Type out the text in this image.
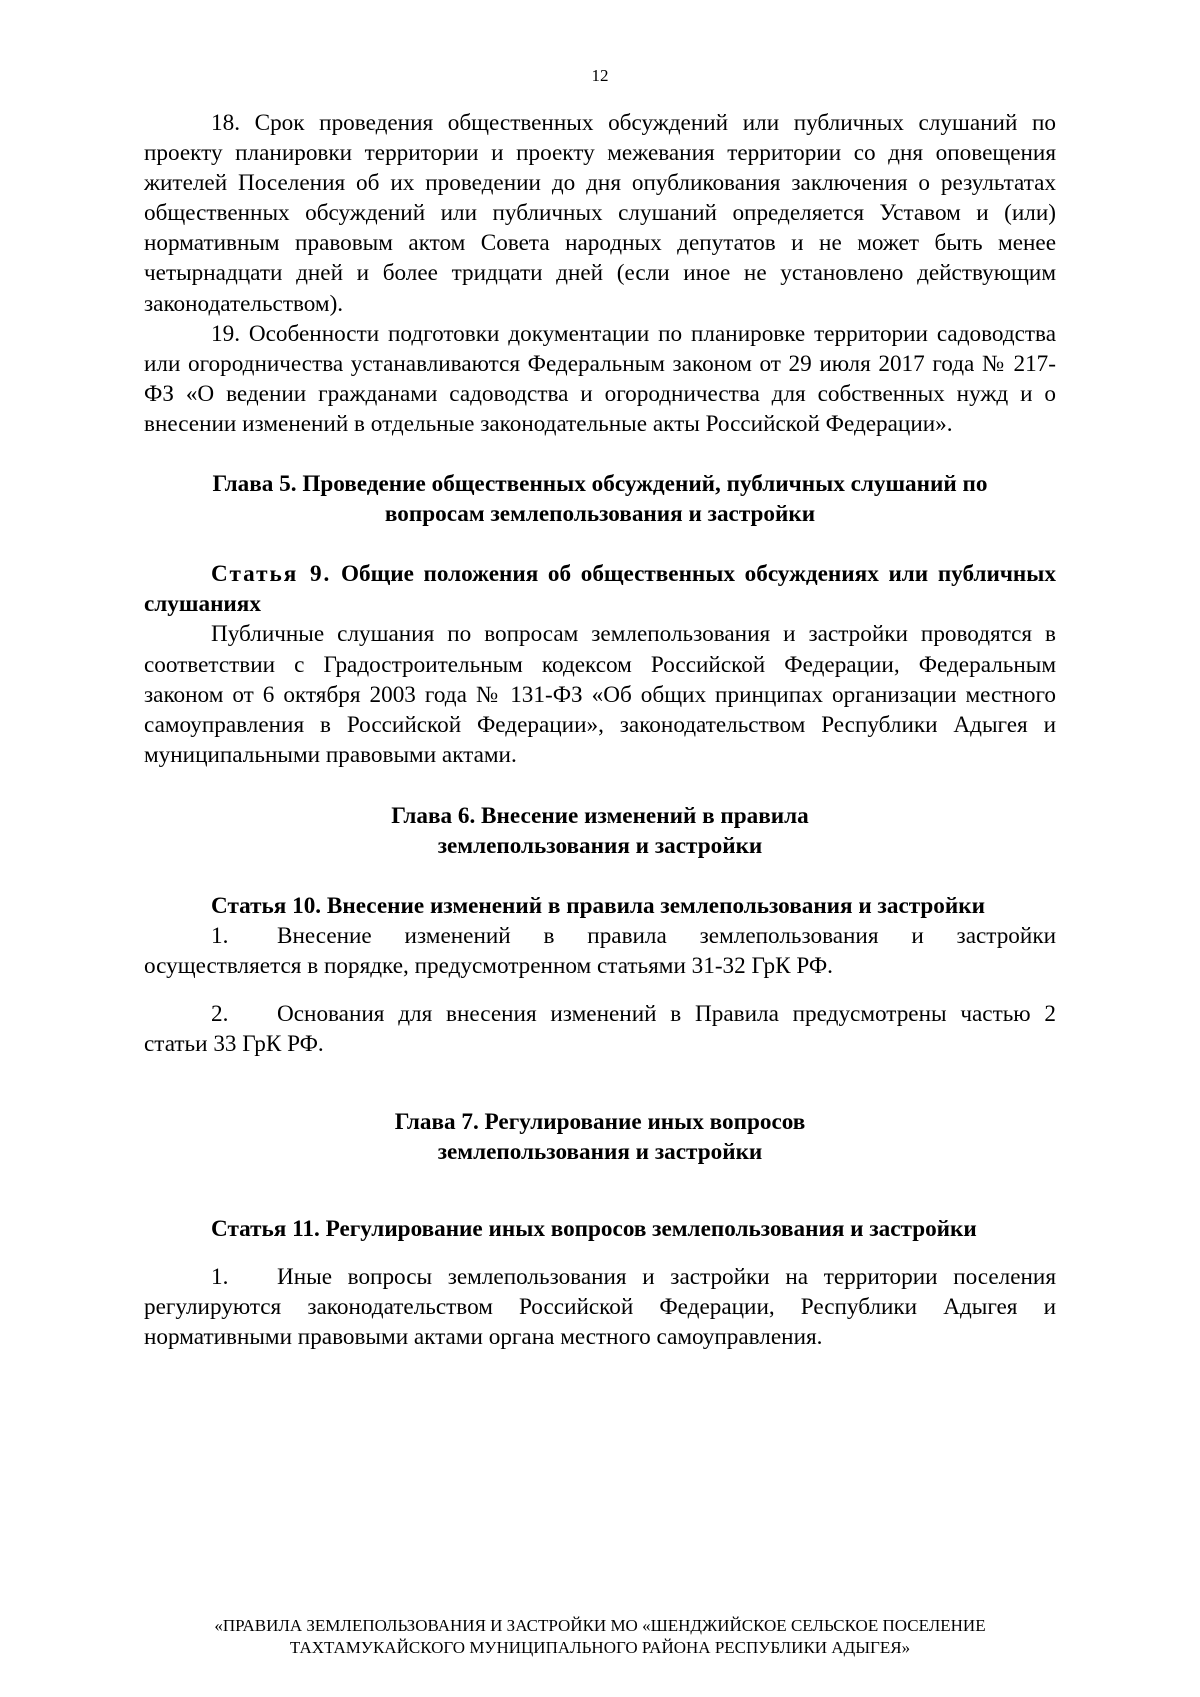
12

18. Срок проведения общественных обсуждений или публичных слушаний по проекту планировки территории и проекту межевания территории со дня оповещения жителей Поселения об их проведении до дня опубликования заключения о результатах общественных обсуждений или публичных слушаний определяется Уставом и (или) нормативным правовым актом Совета народных депутатов и не может быть менее четырнадцати дней и более тридцати дней (если иное не установлено действующим законодательством).

19. Особенности подготовки документации по планировке территории садоводства или огородничества устанавливаются Федеральным законом от 29 июля 2017 года № 217-ФЗ «О ведении гражданами садоводства и огородничества для собственных нужд и о внесении изменений в отдельные законодательные акты Российской Федерации».

Глава 5. Проведение общественных обсуждений, публичных слушаний по
вопросам землепользования и застройки

Статья 9. Общие положения об общественных обсуждениях или публичных слушаниях

Публичные слушания по вопросам землепользования и застройки проводятся в соответствии с Градостроительным кодексом Российской Федерации, Федеральным законом от 6 октября 2003 года № 131-ФЗ «Об общих принципах организации местного самоуправления в Российской Федерации», законодательством Республики Адыгея и муниципальными правовыми актами.

Глава 6. Внесение изменений в правила
землепользования и застройки

Статья 10. Внесение изменений в правила землепользования и застройки

1. Внесение изменений в правила землепользования и застройки осуществляется в порядке, предусмотренном статьями 31-32 ГрК РФ.

2. Основания для внесения изменений в Правила предусмотрены частью 2 статьи 33 ГрК РФ.

Глава 7. Регулирование иных вопросов
землепользования и застройки

Статья 11. Регулирование иных вопросов землепользования и застройки

1. Иные вопросы землепользования и застройки на территории поселения регулируются законодательством Российской Федерации, Республики Адыгея и нормативными правовыми актами органа местного самоуправления.

«ПРАВИЛА ЗЕМЛЕПОЛЬЗОВАНИЯ И ЗАСТРОЙКИ МО «ШЕНДЖИЙСКОЕ СЕЛЬСКОЕ ПОСЕЛЕНИЕ
ТАХТАМУКАЙСКОГО МУНИЦИПАЛЬНОГО РАЙОНА РЕСПУБЛИКИ АДЫГЕЯ»
